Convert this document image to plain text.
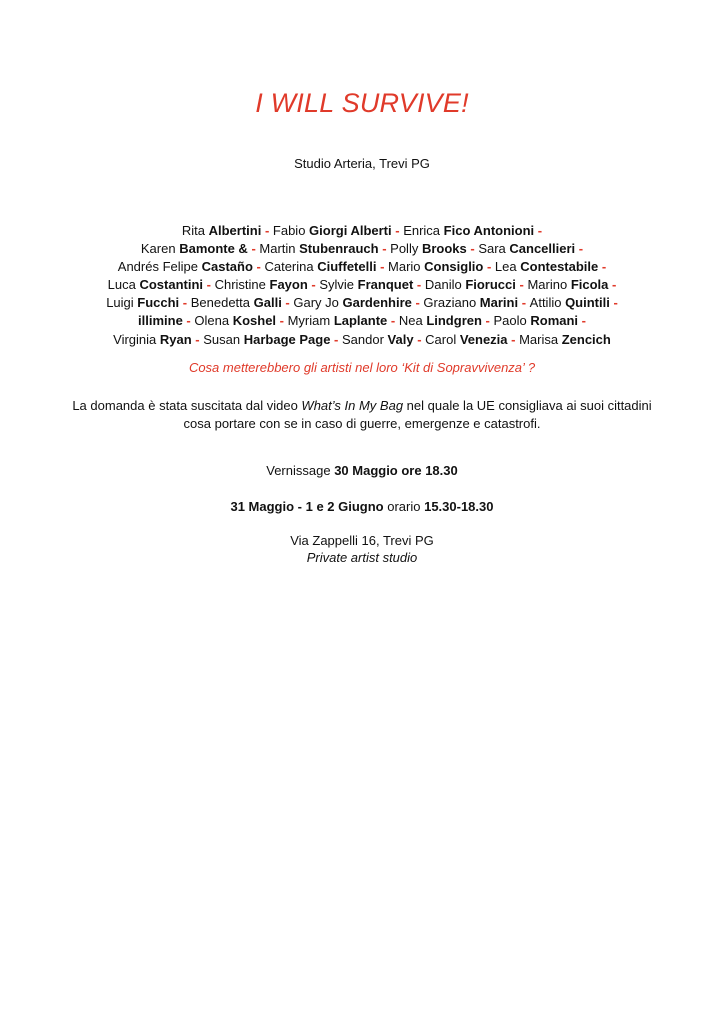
I WILL SURVIVE!
Studio Arteria, Trevi PG
Rita Albertini - Fabio Giorgi Alberti - Enrica Fico Antonioni -
Karen Bamonte & - Martin Stubenrauch - Polly Brooks - Sara Cancellieri -
Andrés Felipe Castaño - Caterina Ciuffetelli - Mario Consiglio - Lea Contestabile -
Luca Costantini - Christine Fayon - Sylvie Franquet - Danilo Fiorucci - Marino Ficola -
Luigi Fucchi - Benedetta Galli - Gary Jo Gardenhire - Graziano Marini - Attilio Quintili -
illimine - Olena Koshel - Myriam Laplante - Nea Lindgren - Paolo Romani -
Virginia Ryan - Susan Harbage Page - Sandor Valy - Carol Venezia - Marisa Zencich
Cosa metterebbero gli artisti nel loro ‘Kit di Sopravvivenza’ ?
La domanda è stata suscitata dal video What’s In My Bag nel quale la UE consigliava ai suoi cittadini cosa portare con se in caso di guerre, emergenze e catastrofi.
Vernissage 30 Maggio ore 18.30
31 Maggio - 1 e 2 Giugno orario 15.30-18.30
Via Zappelli 16, Trevi PG
Private artist studio
